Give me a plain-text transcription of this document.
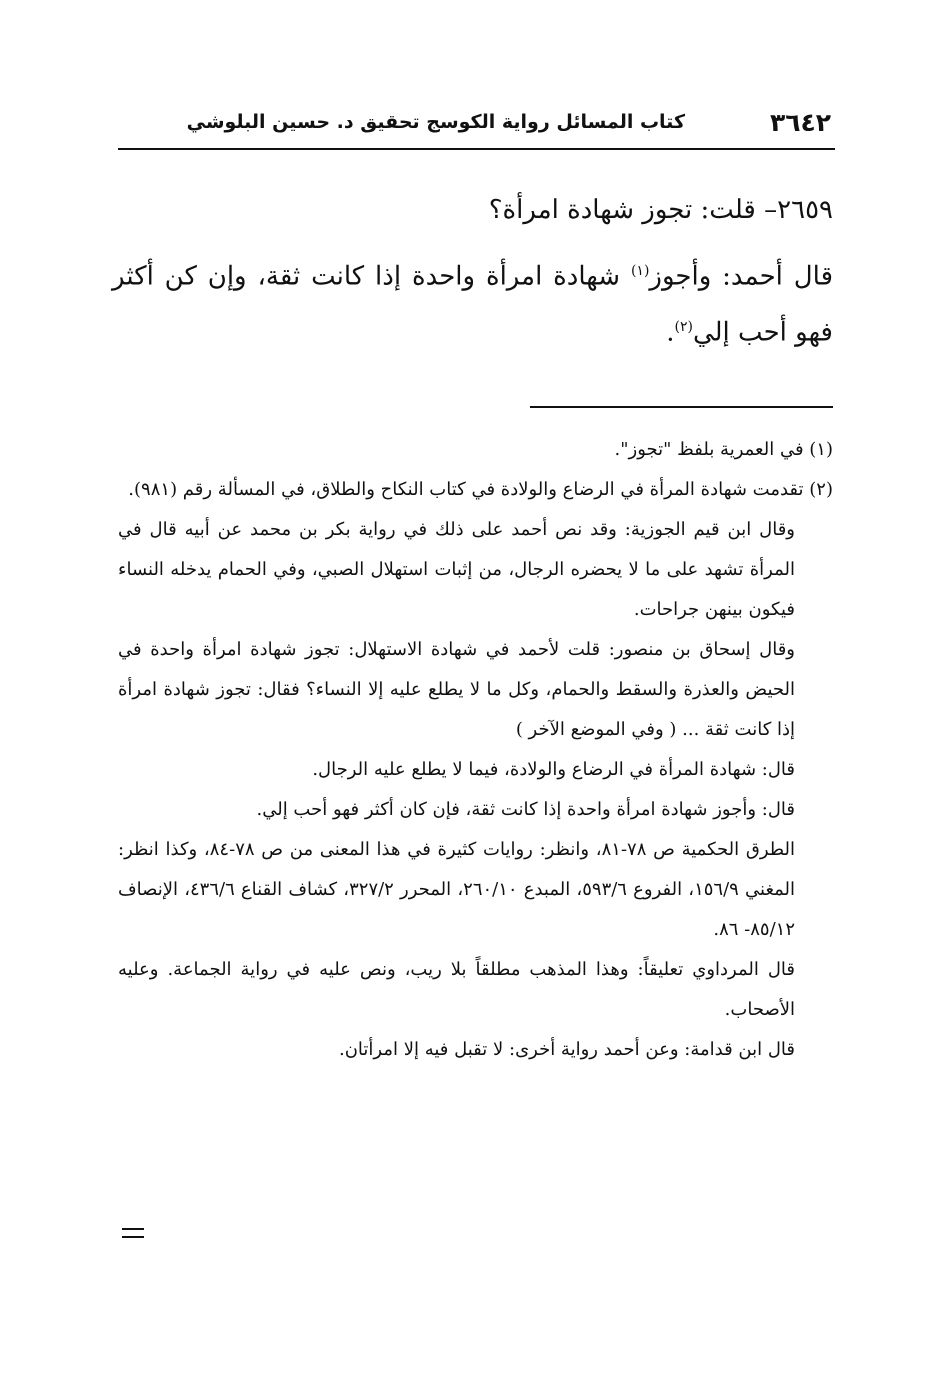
٣٦٤٢
كتاب المسائل رواية الكوسج تحقيق د. حسين البلوشي

٢٦٥٩– قلت: تجوز شهادة امرأة؟

قال أحمد: وأجوز$^{(١)}$ شهادة امرأة واحدة إذا كانت ثقة، وإن كن أكثر فهو أحب إلي$^{(٢)}$.

(١) في العمرية بلفظ "تجوز".

(٢) تقدمت شهادة المرأة في الرضاع والولادة في كتاب النكاح والطلاق، في المسألة رقم (٩٨١).

وقال ابن قيم الجوزية: وقد نص أحمد على ذلك في رواية بكر بن محمد عن أبيه قال في المرأة تشهد على ما لا يحضره الرجال، من إثبات استهلال الصبي، وفي الحمام يدخله النساء فيكون بينهن جراحات.

وقال إسحاق بن منصور: قلت لأحمد في شهادة الاستهلال: تجوز شهادة امرأة واحدة في الحيض والعذرة والسقط والحمام، وكل ما لا يطلع عليه إلا النساء؟ فقال: تجوز شهادة امرأة إذا كانت ثقة ... ( وفي الموضع الآخر )

قال: شهادة المرأة في الرضاع والولادة، فيما لا يطلع عليه الرجال.

قال: وأجوز شهادة امرأة واحدة إذا كانت ثقة، فإن كان أكثر فهو أحب إلي.

الطرق الحكمية ص ٧٨-٨١، وانظر: روايات كثيرة في هذا المعنى من ص ٧٨-٨٤، وكذا انظر: المغني ١٥٦/٩، الفروع ٥٩٣/٦، المبدع ٢٦٠/١٠، المحرر ٣٢٧/٢، كشاف القناع ٤٣٦/٦، الإنصاف ٨٥/١٢- ٨٦.

قال المرداوي تعليقاً: وهذا المذهب مطلقاً بلا ريب، ونص عليه في رواية الجماعة. وعليه الأصحاب.

قال ابن قدامة: وعن أحمد رواية أخرى: لا تقبل فيه إلا امرأتان.
